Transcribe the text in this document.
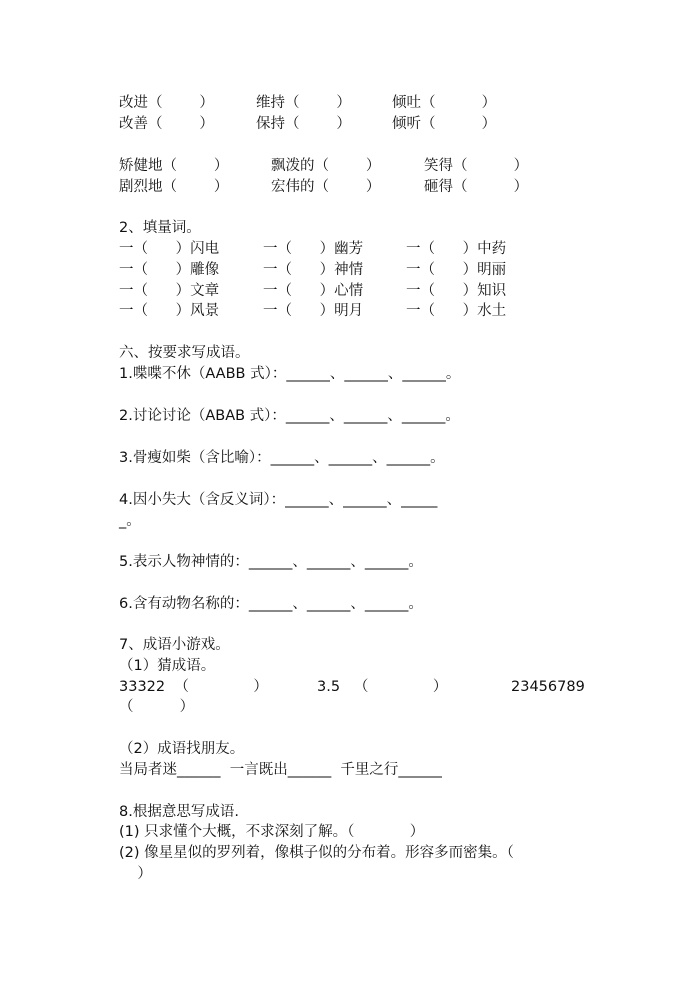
改进（        ）	维持（        ）	倾吐（          ）
改善（        ）	保持（        ）	倾听（          ）
矫健地（        ）	飘泼的（        ）	笑得（          ）
剧烈地（        ）	宏伟的（        ）	砸得（          ）
2、填量词。
一（      ）闪电	一（      ）幽芳	一（      ）中药
一（      ）雕像	一（      ）神情	一（      ）明丽
一（      ）文章	一（      ）心情	一（      ）知识
一（      ）风景	一（      ）明月	一（      ）水土
六、按要求写成语。
1.喋喋不休（AABB 式）：______、______、______。
2.讨论讨论（ABAB 式）：______、______、______。
3.骨瘦如柴（含比喻）：______、______、______。
4.因小失大（含反义词）：______、______、_____
_。
5.表示人物神情的：______、______、______。
6.含有动物名称的：______、______、______。
7、成语小游戏。
（1）猜成语。
33322  （              ）	3.5   （              ）	23456789
（          ）
（2）成语找朋友。
当局者迷______  一言既出______  千里之行______
8.根据意思写成语.
(1) 只求懂个大概，不求深刻了解。（            ）
(2) 像星星似的罗列着，像棋子似的分布着。形容多而密集。（
）
